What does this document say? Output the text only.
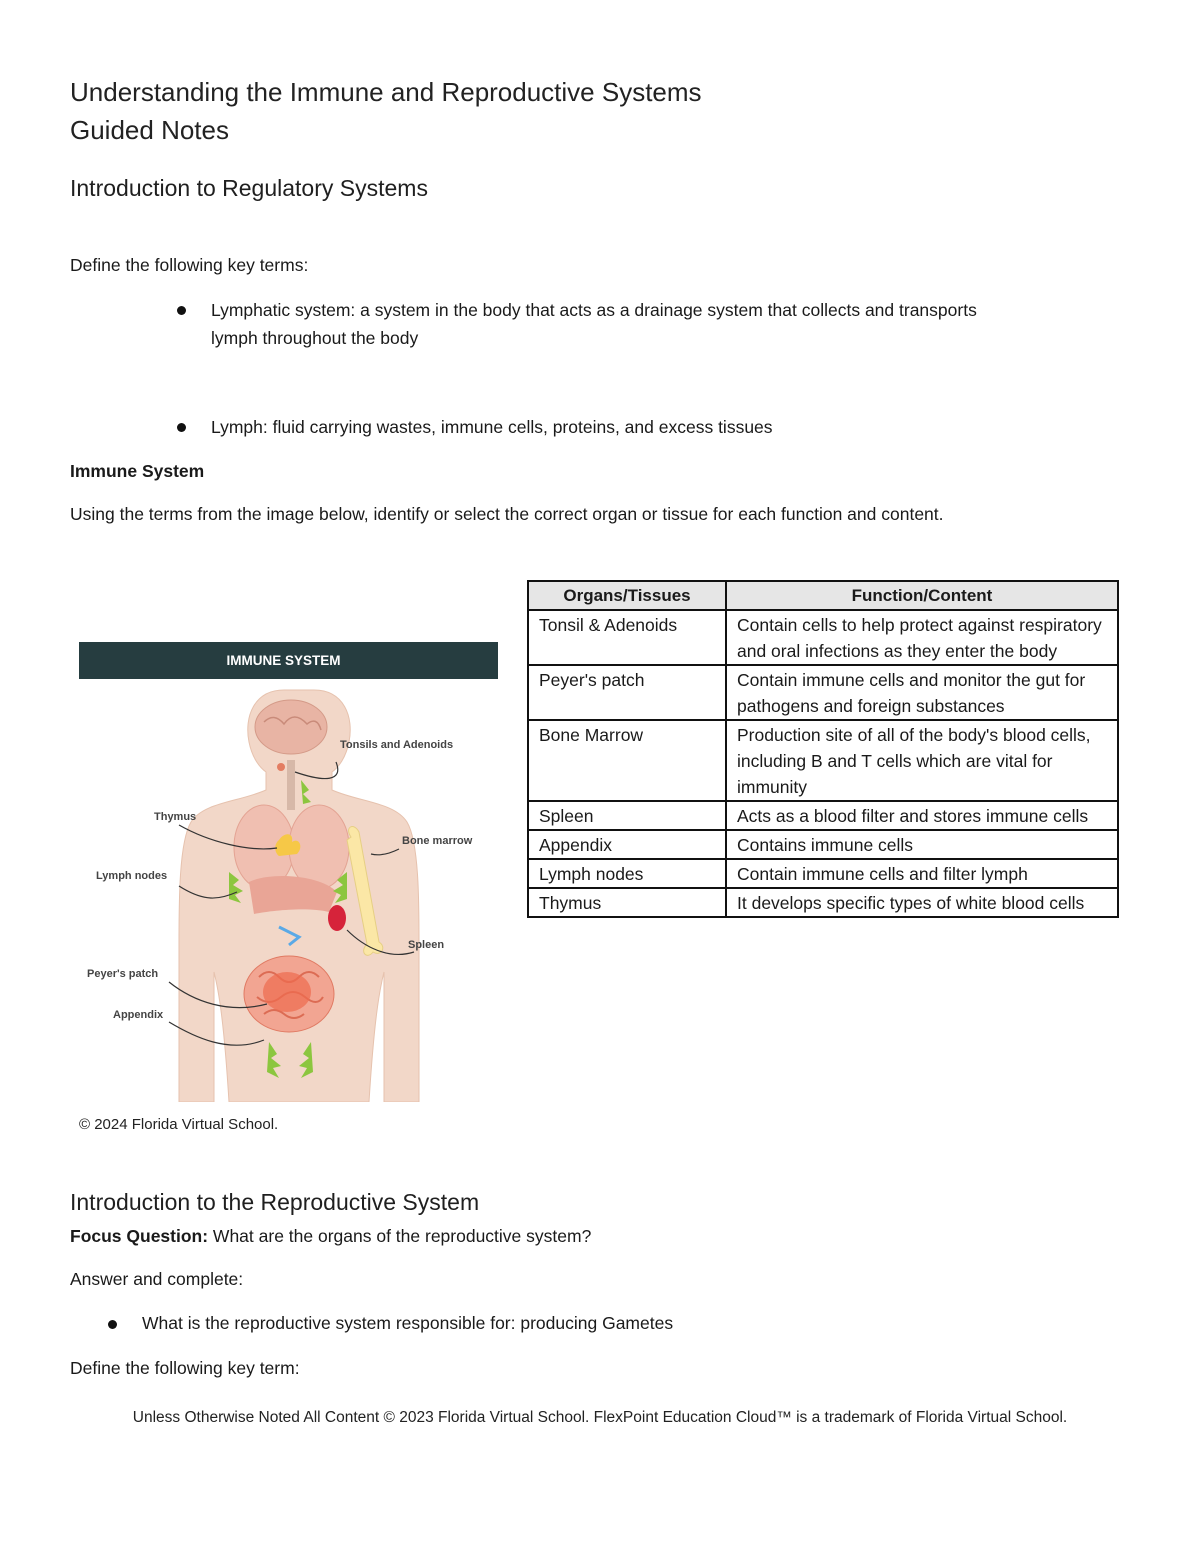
Understanding the Immune and Reproductive Systems
Guided Notes
Introduction to Regulatory Systems
Define the following key terms:
Lymphatic system: a system in the body that acts as a drainage system that collects and transports
lymph throughout the body
Lymph: fluid carrying wastes, immune cells, proteins, and excess tissues
Immune System
Using the terms from the image below, identify or select the correct organ or tissue for each function and content.
IMMUNE SYSTEM
Tonsils and Adenoids
Thymus
Bone marrow
Lymph nodes
Spleen
Peyer's patch
Appendix
© 2024 Florida Virtual School.
Organs/Tissues	Function/Content
Tonsil & Adenoids	Contain cells to help protect against respiratory and oral infections as they enter the body
Peyer's patch	Contain immune cells and monitor the gut for pathogens and foreign substances
Bone Marrow	Production site of all of the body's blood cells, including B and T cells which are vital for immunity
Spleen	Acts as a blood filter and stores immune cells
Appendix	Contains immune cells
Lymph nodes	Contain immune cells and filter lymph
Thymus	It develops specific types of white blood cells
Introduction to the Reproductive System
Focus Question: What are the organs of the reproductive system?
Answer and complete:
What is the reproductive system responsible for: producing Gametes
Define the following key term:
Unless Otherwise Noted All Content © 2023 Florida Virtual School. FlexPoint Education Cloud™ is a trademark of Florida Virtual School.
